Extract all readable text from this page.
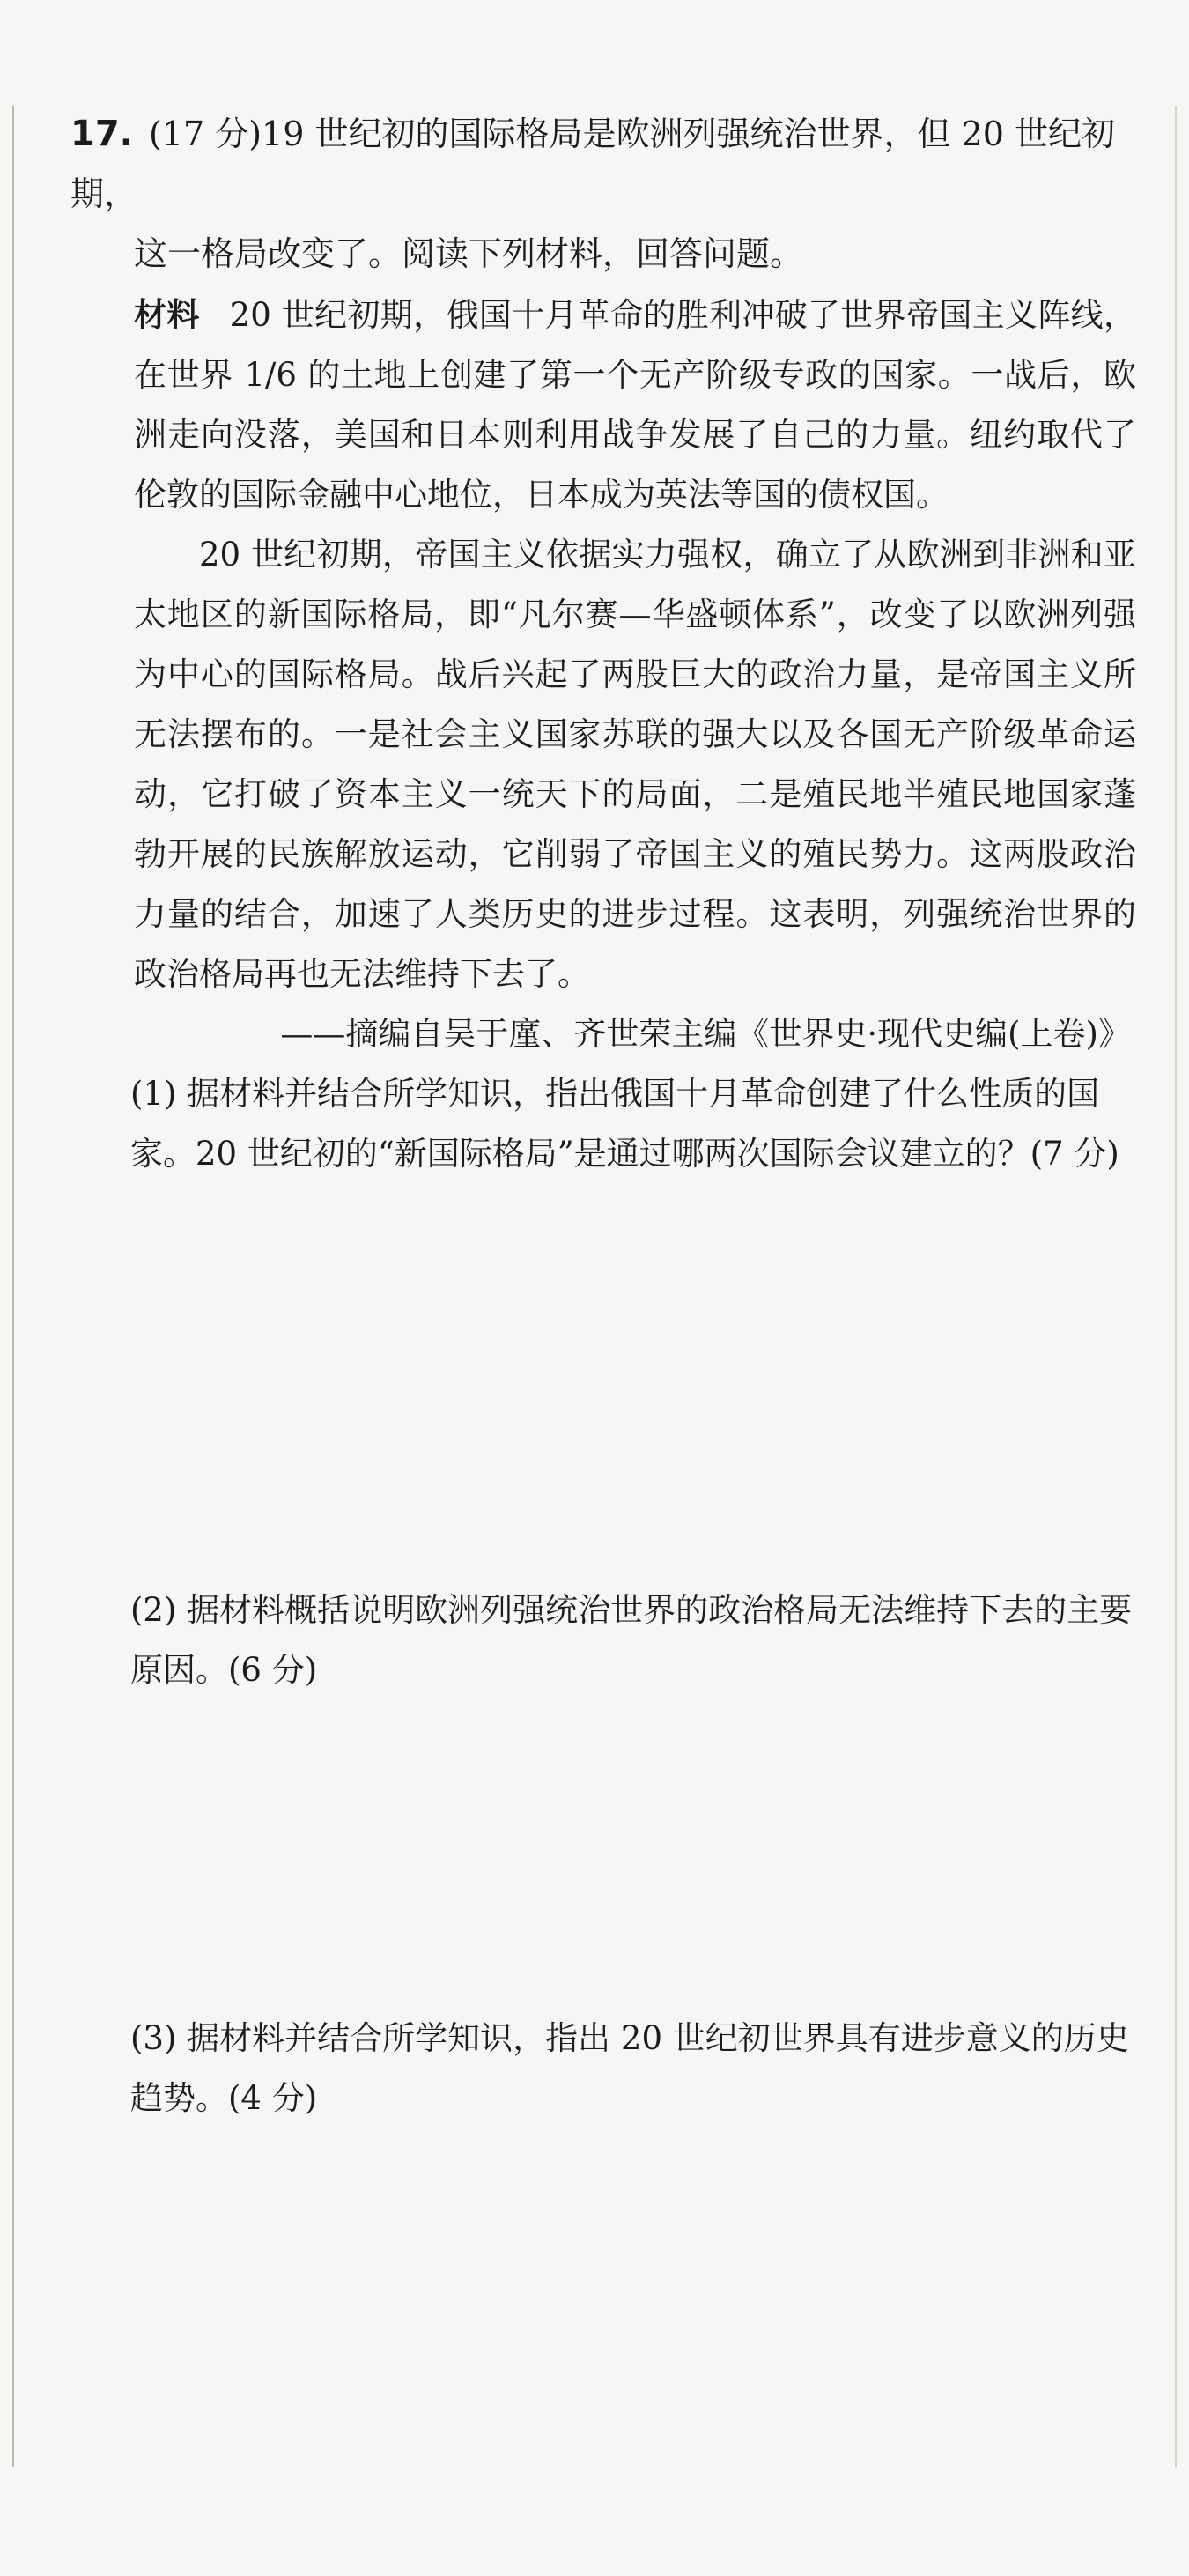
17. (17 分)19 世纪初的国际格局是欧洲列强统治世界，但 20 世纪初期，
这一格局改变了。阅读下列材料，回答问题。

材料 20 世纪初期，俄国十月革命的胜利冲破了世界帝国主义阵线，在世界 1/6 的土地上创建了第一个无产阶级专政的国家。一战后，欧洲走向没落，美国和日本则利用战争发展了自己的力量。纽约取代了伦敦的国际金融中心地位，日本成为英法等国的债权国。

20 世纪初期，帝国主义依据实力强权，确立了从欧洲到非洲和亚太地区的新国际格局，即“凡尔赛—华盛顿体系”，改变了以欧洲列强为中心的国际格局。战后兴起了两股巨大的政治力量，是帝国主义所无法摆布的。一是社会主义国家苏联的强大以及各国无产阶级革命运动，它打破了资本主义一统天下的局面，二是殖民地半殖民地国家蓬勃开展的民族解放运动，它削弱了帝国主义的殖民势力。这两股政治力量的结合，加速了人类历史的进步过程。这表明，列强统治世界的政治格局再也无法维持下去了。

——摘编自吴于廑、齐世荣主编《世界史·现代史编(上卷)》

(1) 据材料并结合所学知识，指出俄国十月革命创建了什么性质的国家。20 世纪初的“新国际格局”是通过哪两次国际会议建立的？(7 分)

(2) 据材料概括说明欧洲列强统治世界的政治格局无法维持下去的主要原因。(6 分)

(3) 据材料并结合所学知识，指出 20 世纪初世界具有进步意义的历史趋势。(4 分)
